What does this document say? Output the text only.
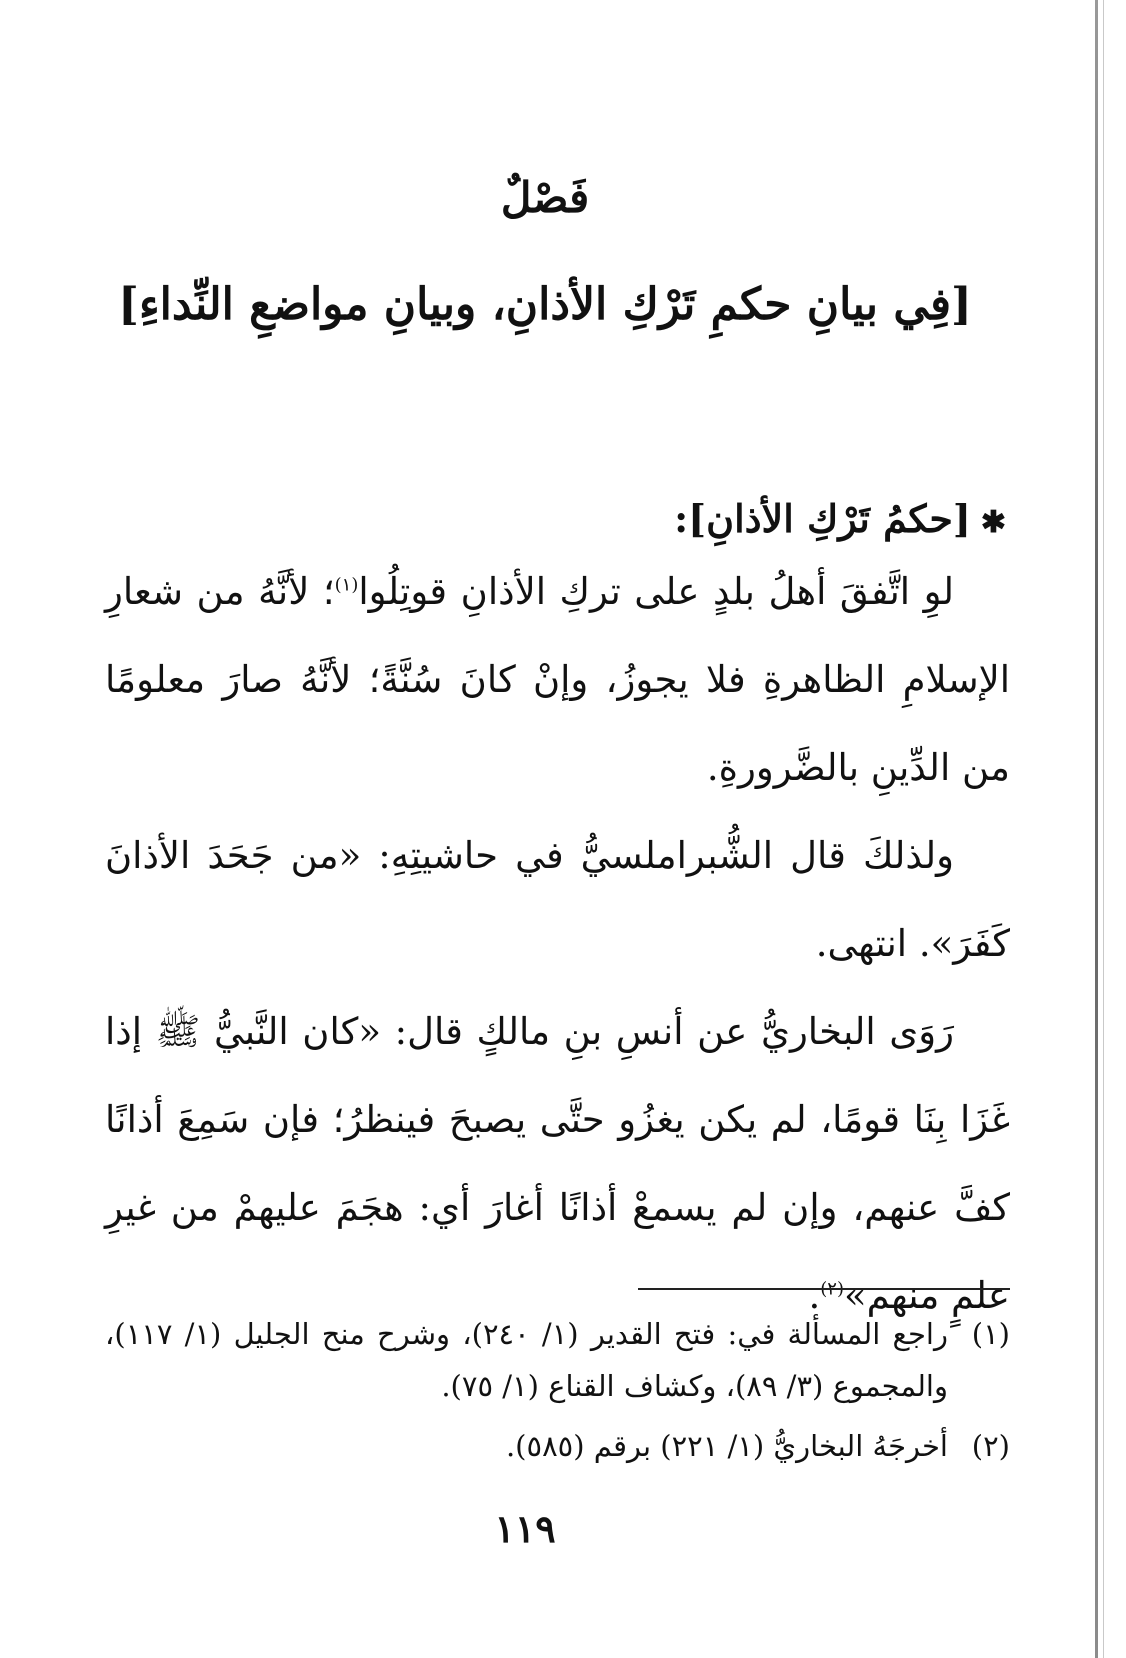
فَصْلٌ
[فِي بيانِ حكمِ تَرْكِ الأذانِ، وبيانِ مواضعِ النِّداءِ]
✱[حكمُ تَرْكِ الأذانِ]:

لوِ اتَّفقَ أهلُ بلدٍ على تركِ الأذانِ قوتِلُوا$^{(١)}$؛ لأنَّهُ من شعارِ الإسلامِ الظاهرةِ فلا يجوزُ، وإنْ كانَ سُنَّةً؛ لأنَّهُ صارَ معلومًا من الدِّينِ بالضَّرورةِ.

ولذلكَ قال الشُّبراملسيُّ في حاشيتِهِ: «من جَحَدَ الأذانَ كَفَرَ». انتهى.

رَوَى البخاريُّ عن أنسِ بنِ مالكٍ قال: «كان النَّبيُّ ﷺ إذا غَزَا بِنَا قومًا، لم يكن يغزُو حتَّى يصبحَ فينظرُ؛ فإن سَمِعَ أذانًا كفَّ عنهم، وإن لم يسمعْ أذانًا أغارَ أي: هجَمَ عليهمْ من غيرِ علمٍ منهم»$^{(٢)}$.

(١)
راجع المسألة في: فتح القدير (١/ ٢٤٠)، وشرح منح الجليل (١/ ١١٧)، والمجموع (٣/ ٨٩)، وكشاف القناع (١/ ٧٥).
(٢)
أخرجَهُ البخاريُّ (١/ ٢٢١) برقم (٥٨٥).
١١٩
